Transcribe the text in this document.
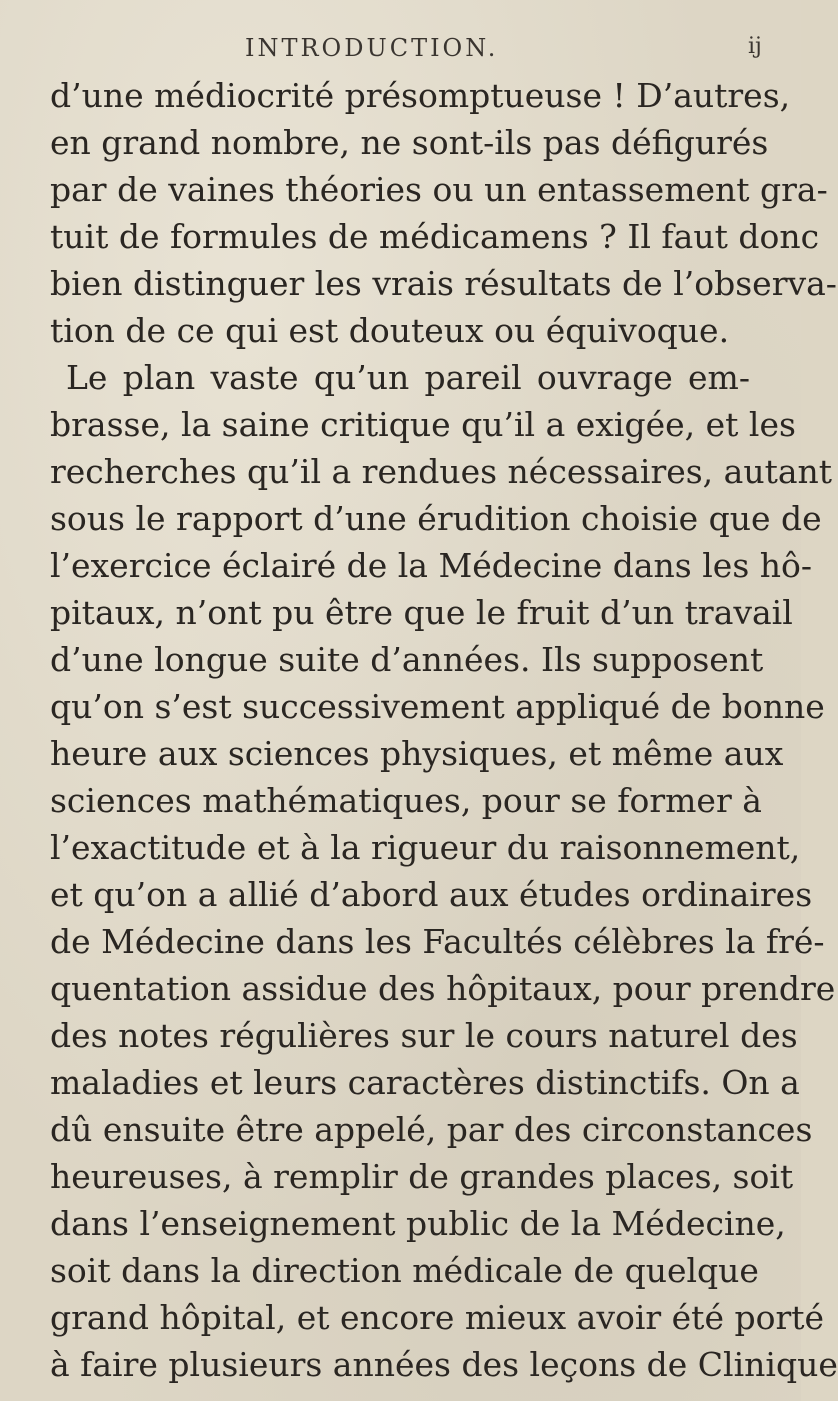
INTRODUCTION.	ij
d’une médiocrité présomptueuse ! D’autres,
en grand nombre, ne sont-ils pas défigurés
par de vaines théories ou un entassement gra-
tuit de formules de médicamens ? Il faut donc
bien distinguer les vrais résultats de l’observa-
tion de ce qui est douteux ou équivoque.
Le plan vaste qu’un pareil ouvrage em-
brasse, la saine critique qu’il a exigée, et les
recherches qu’il a rendues nécessaires, autant
sous le rapport d’une érudition choisie que de
l’exercice éclairé de la Médecine dans les hô-
pitaux, n’ont pu être que le fruit d’un travail
d’une longue suite d’années. Ils supposent
qu’on s’est successivement appliqué de bonne
heure aux sciences physiques, et même aux
sciences mathématiques, pour se former à
l’exactitude et à la rigueur du raisonnement,
et qu’on a allié d’abord aux études ordinaires
de Médecine dans les Facultés célèbres la fré-
quentation assidue des hôpitaux, pour prendre
des notes régulières sur le cours naturel des
maladies et leurs caractères distinctifs. On a
dû ensuite être appelé, par des circonstances
heureuses, à remplir de grandes places, soit
dans l’enseignement public de la Médecine,
soit dans la direction médicale de quelque
grand hôpital, et encore mieux avoir été porté
à faire plusieurs années des leçons de Clinique
